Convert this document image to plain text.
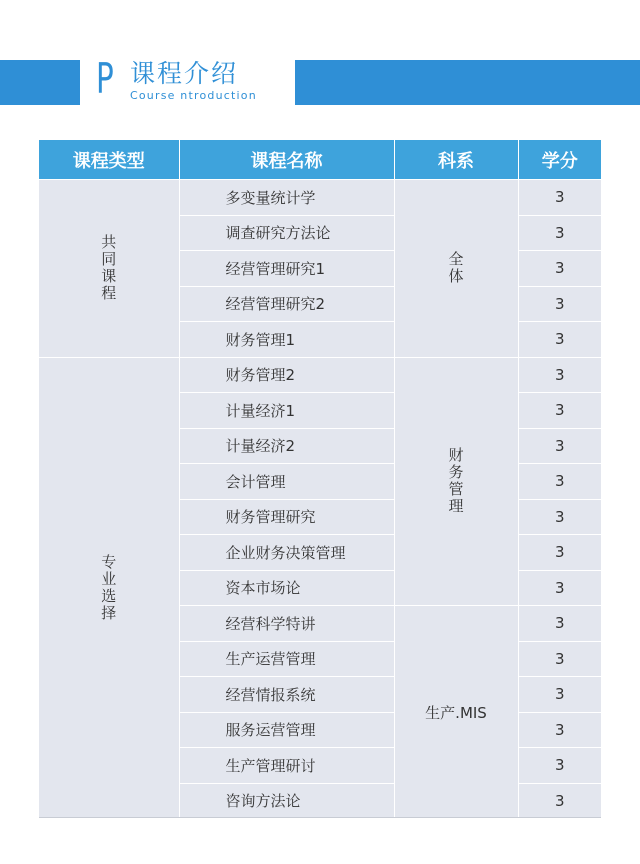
P 课程介绍
Course ntroduction
课程类型	课程名称	科系	学分
共同课程	多变量统计学	全体	3
	调查研究方法论		3
	经营管理研究1		3
	经营管理研究2		3
	财务管理1		3
专业选择	财务管理2	财务管理	3
	计量经济1		3
	计量经济2		3
	会计管理		3
	财务管理研究		3
	企业财务决策管理		3
	资本市场论		3
	经营科学特讲	生产.MIS	3
	生产运营管理		3
	经营情报系统		3
	服务运营管理		3
	生产管理研讨		3
	咨询方法论		3
